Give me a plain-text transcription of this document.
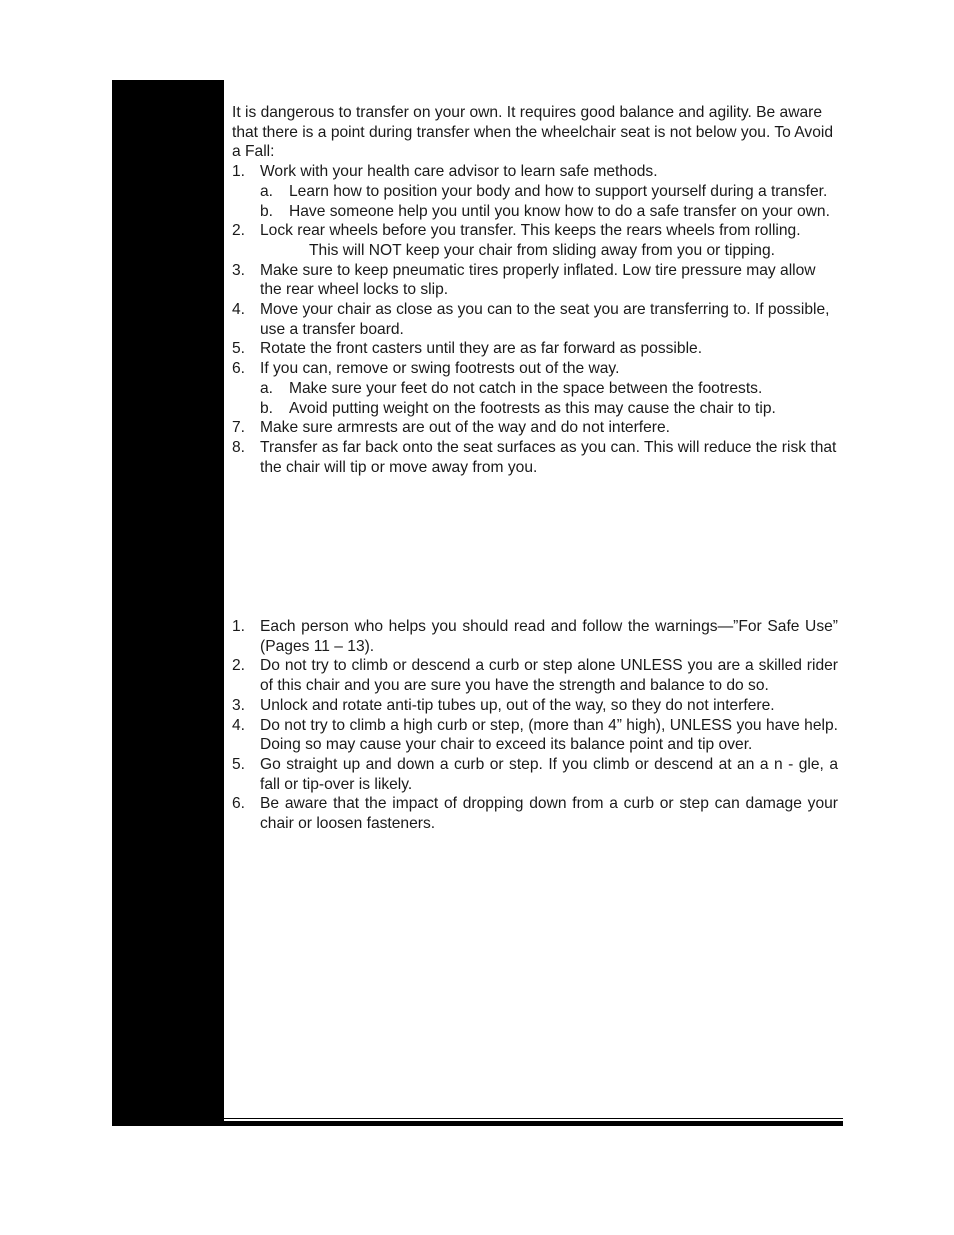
It is dangerous to transfer on your own. It requires good balance and agility. Be aware that there is a point during transfer when the wheelchair seat is not below you. To Avoid a Fall:

1. Work with your health care advisor to learn safe methods.
a. Learn how to position your body and how to support yourself during a transfer.
b. Have someone help you until you know how to do a safe transfer on your own.
2. Lock rear wheels before you transfer. This keeps the rears wheels from rolling.
This will NOT keep your chair from sliding away from you or tipping.
3. Make sure to keep pneumatic tires properly inflated. Low tire pressure may allow the rear wheel locks to slip.
4. Move your chair as close as you can to the seat you are transferring to. If possible, use a transfer board.
5. Rotate the front casters until they are as far forward as possible.
6. If you can, remove or swing footrests out of the way.
a. Make sure your feet do not catch in the space between the footrests.
b. Avoid putting weight on the footrests as this may cause the chair to tip.
7. Make sure armrests are out of the way and do not interfere.
8. Transfer as far back onto the seat surfaces as you can. This will reduce the risk that the chair will tip or move away from you.
1. Each person who helps you should read and follow the warnings—”For Safe Use” (Pages 11 – 13).
2. Do not try to climb or descend a curb or step alone UNLESS you are a skilled rider of this chair and you are sure you have the strength and balance to do so.
3. Unlock and rotate anti-tip tubes up, out of the way, so they do not interfere.
4. Do not try to climb a high curb or step, (more than 4” high), UNLESS you have help. Doing so may cause your chair to exceed its balance point and tip over.
5. Go straight up and down a curb or step. If you climb or descend at an a n - gle, a fall or tip-over is likely.
6. Be aware that the impact of dropping down from a curb or step can damage your chair or loosen fasteners.
